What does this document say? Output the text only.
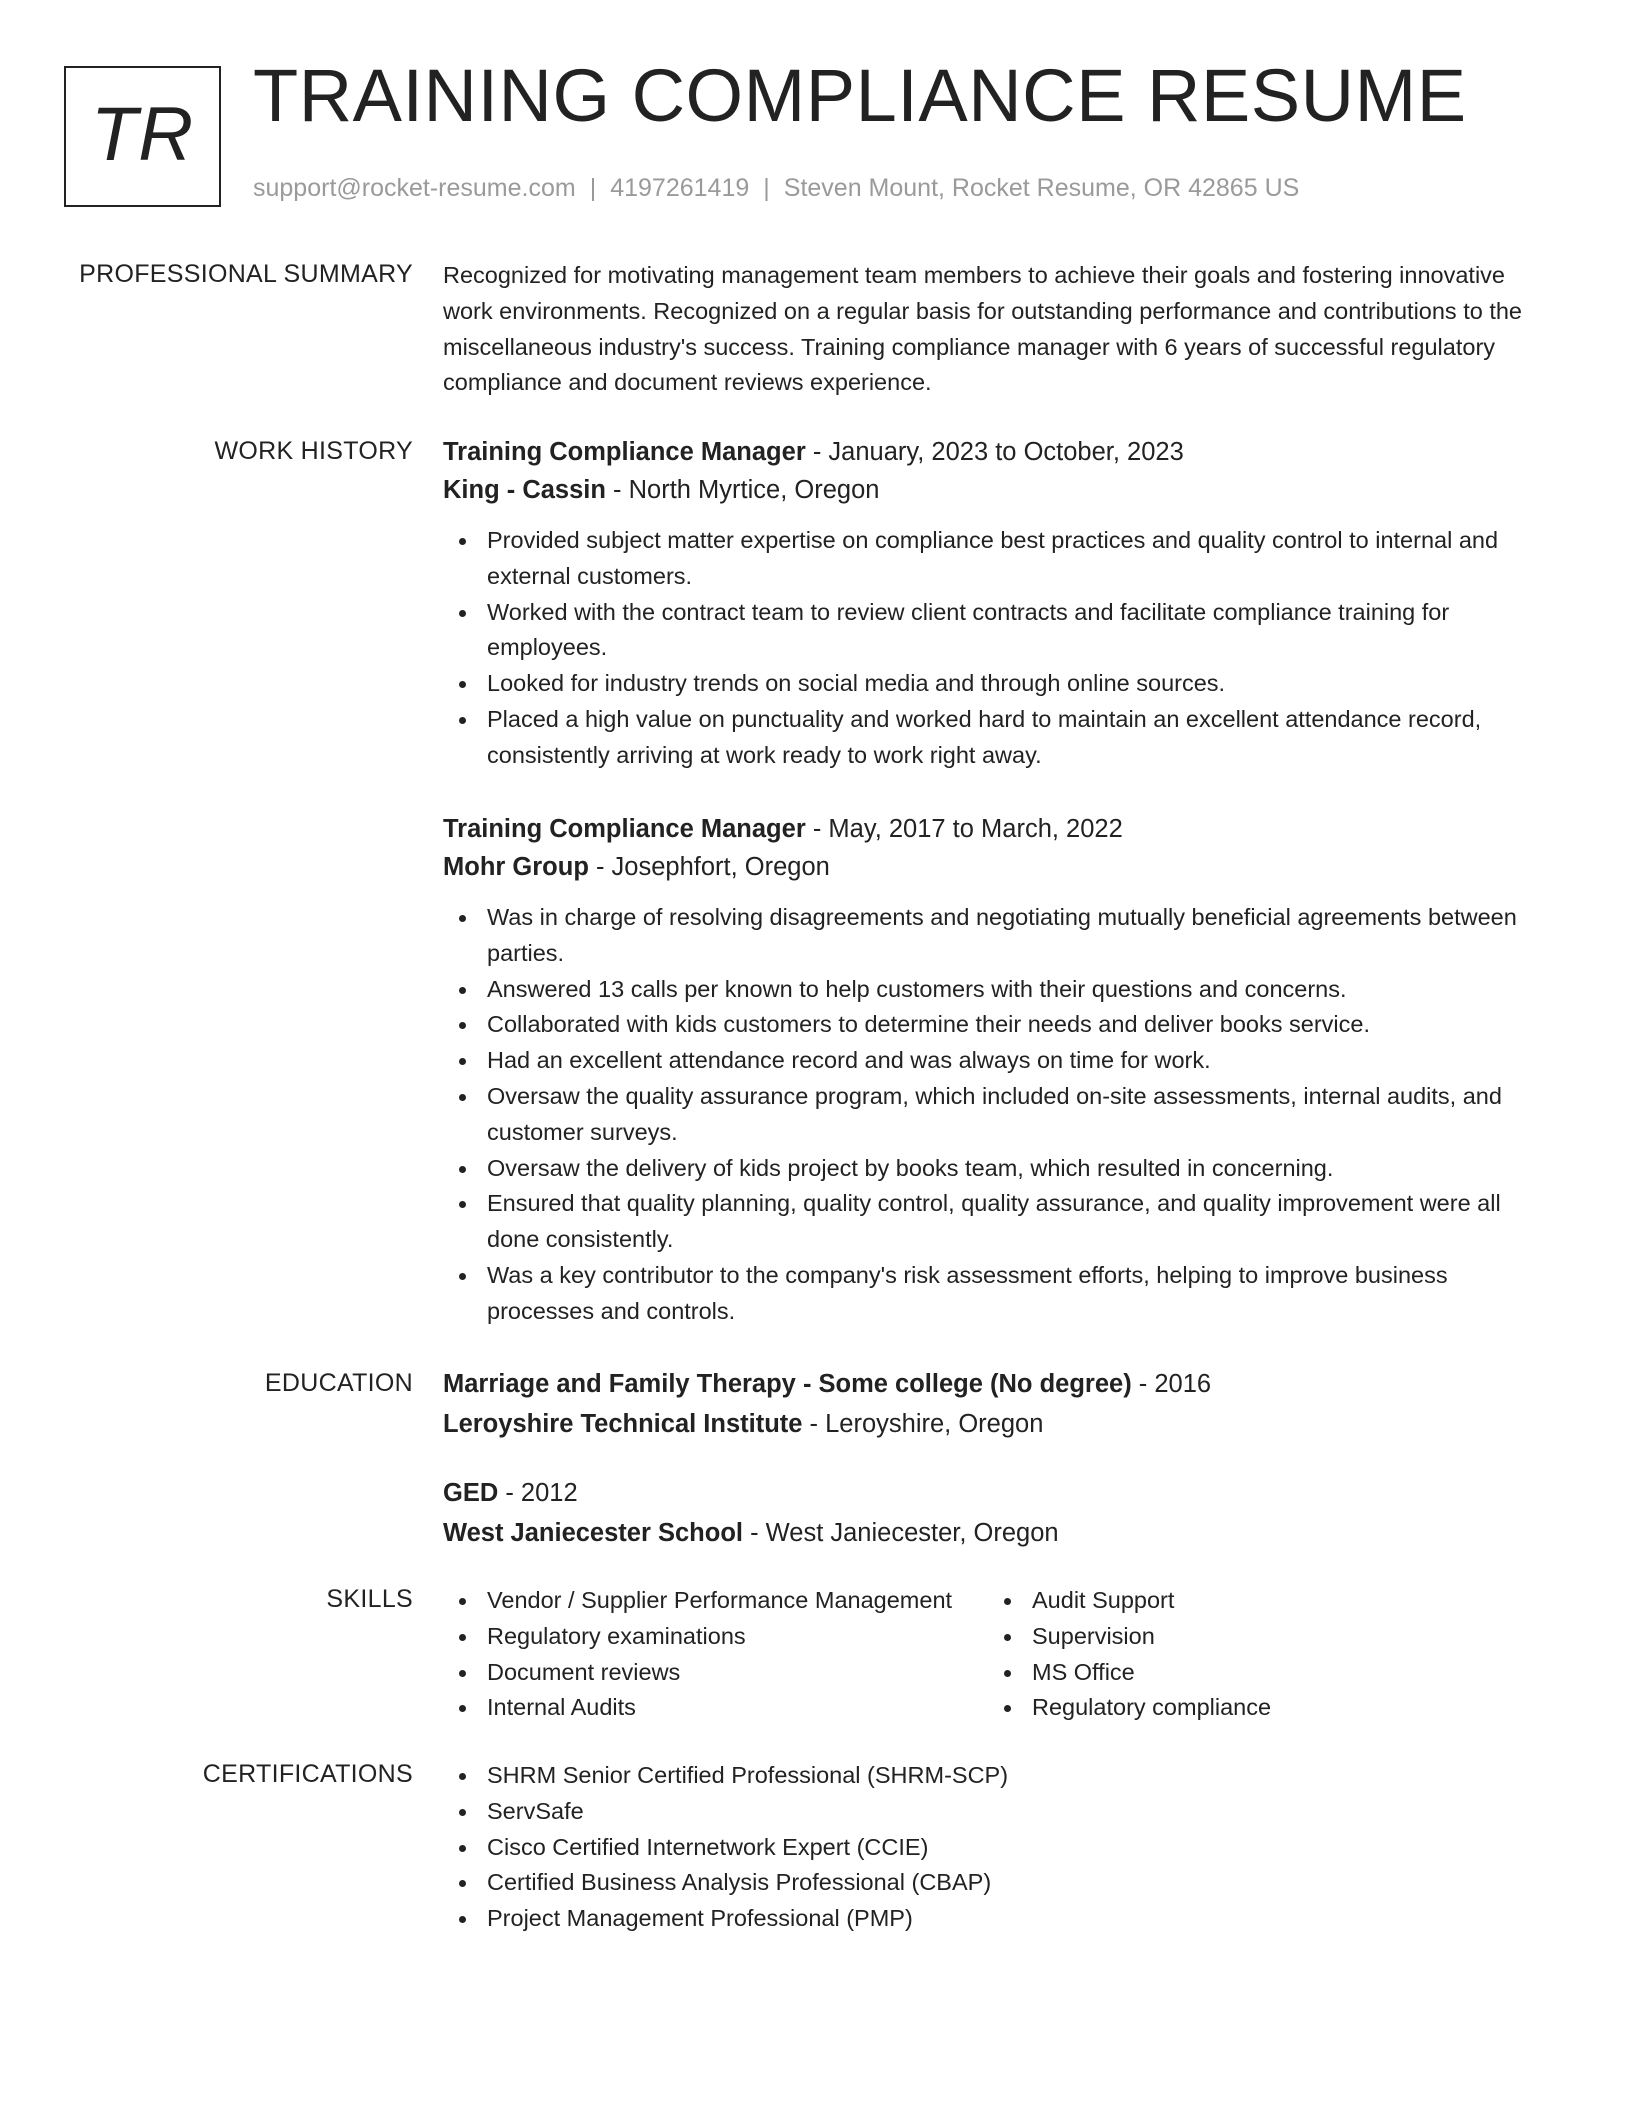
TR TRAINING COMPLIANCE RESUME
support@rocket-resume.com | 4197261419 | Steven Mount, Rocket Resume, OR 42865 US
PROFESSIONAL SUMMARY Recognized for motivating management team members to achieve their goals and fostering innovative work environments. Recognized on a regular basis for outstanding performance and contributions to the miscellaneous industry's success. Training compliance manager with 6 years of successful regulatory compliance and document reviews experience.

WORK HISTORY Training Compliance Manager - January, 2023 to October, 2023

King - Cassin - North Myrtice, Oregon

Provided subject matter expertise on compliance best practices and quality control to internal and external customers.
Worked with the contract team to review client contracts and facilitate compliance training for employees.
Looked for industry trends on social media and through online sources.
Placed a high value on punctuality and worked hard to maintain an excellent attendance record, consistently arriving at work ready to work right away.

Training Compliance Manager - May, 2017 to March, 2022

Mohr Group - Josephfort, Oregon

Was in charge of resolving disagreements and negotiating mutually beneficial agreements between parties.
Answered 13 calls per known to help customers with their questions and concerns.
Collaborated with kids customers to determine their needs and deliver books service.
Had an excellent attendance record and was always on time for work.
Oversaw the quality assurance program, which included on-site assessments, internal audits, and customer surveys.
Oversaw the delivery of kids project by books team, which resulted in concerning.
Ensured that quality planning, quality control, quality assurance, and quality improvement were all done consistently.
Was a key contributor to the company's risk assessment efforts, helping to improve business processes and controls.
EDUCATION Marriage and Family Therapy - Some college (No degree) - 2016

Leroyshire Technical Institute - Leroyshire, Oregon

GED - 2012

West Janiecester School - West Janiecester, Oregon

SKILLS	Vendor / Supplier Performance Management
Regulatory examinations
Document reviews
Internal Audits
Audit Support
Supervision
MS Office
Regulatory compliance
CERTIFICATIONS	SHRM Senior Certified Professional (SHRM-SCP)
ServSafe
Cisco Certified Internetwork Expert (CCIE)
Certified Business Analysis Professional (CBAP)
Project Management Professional (PMP)
